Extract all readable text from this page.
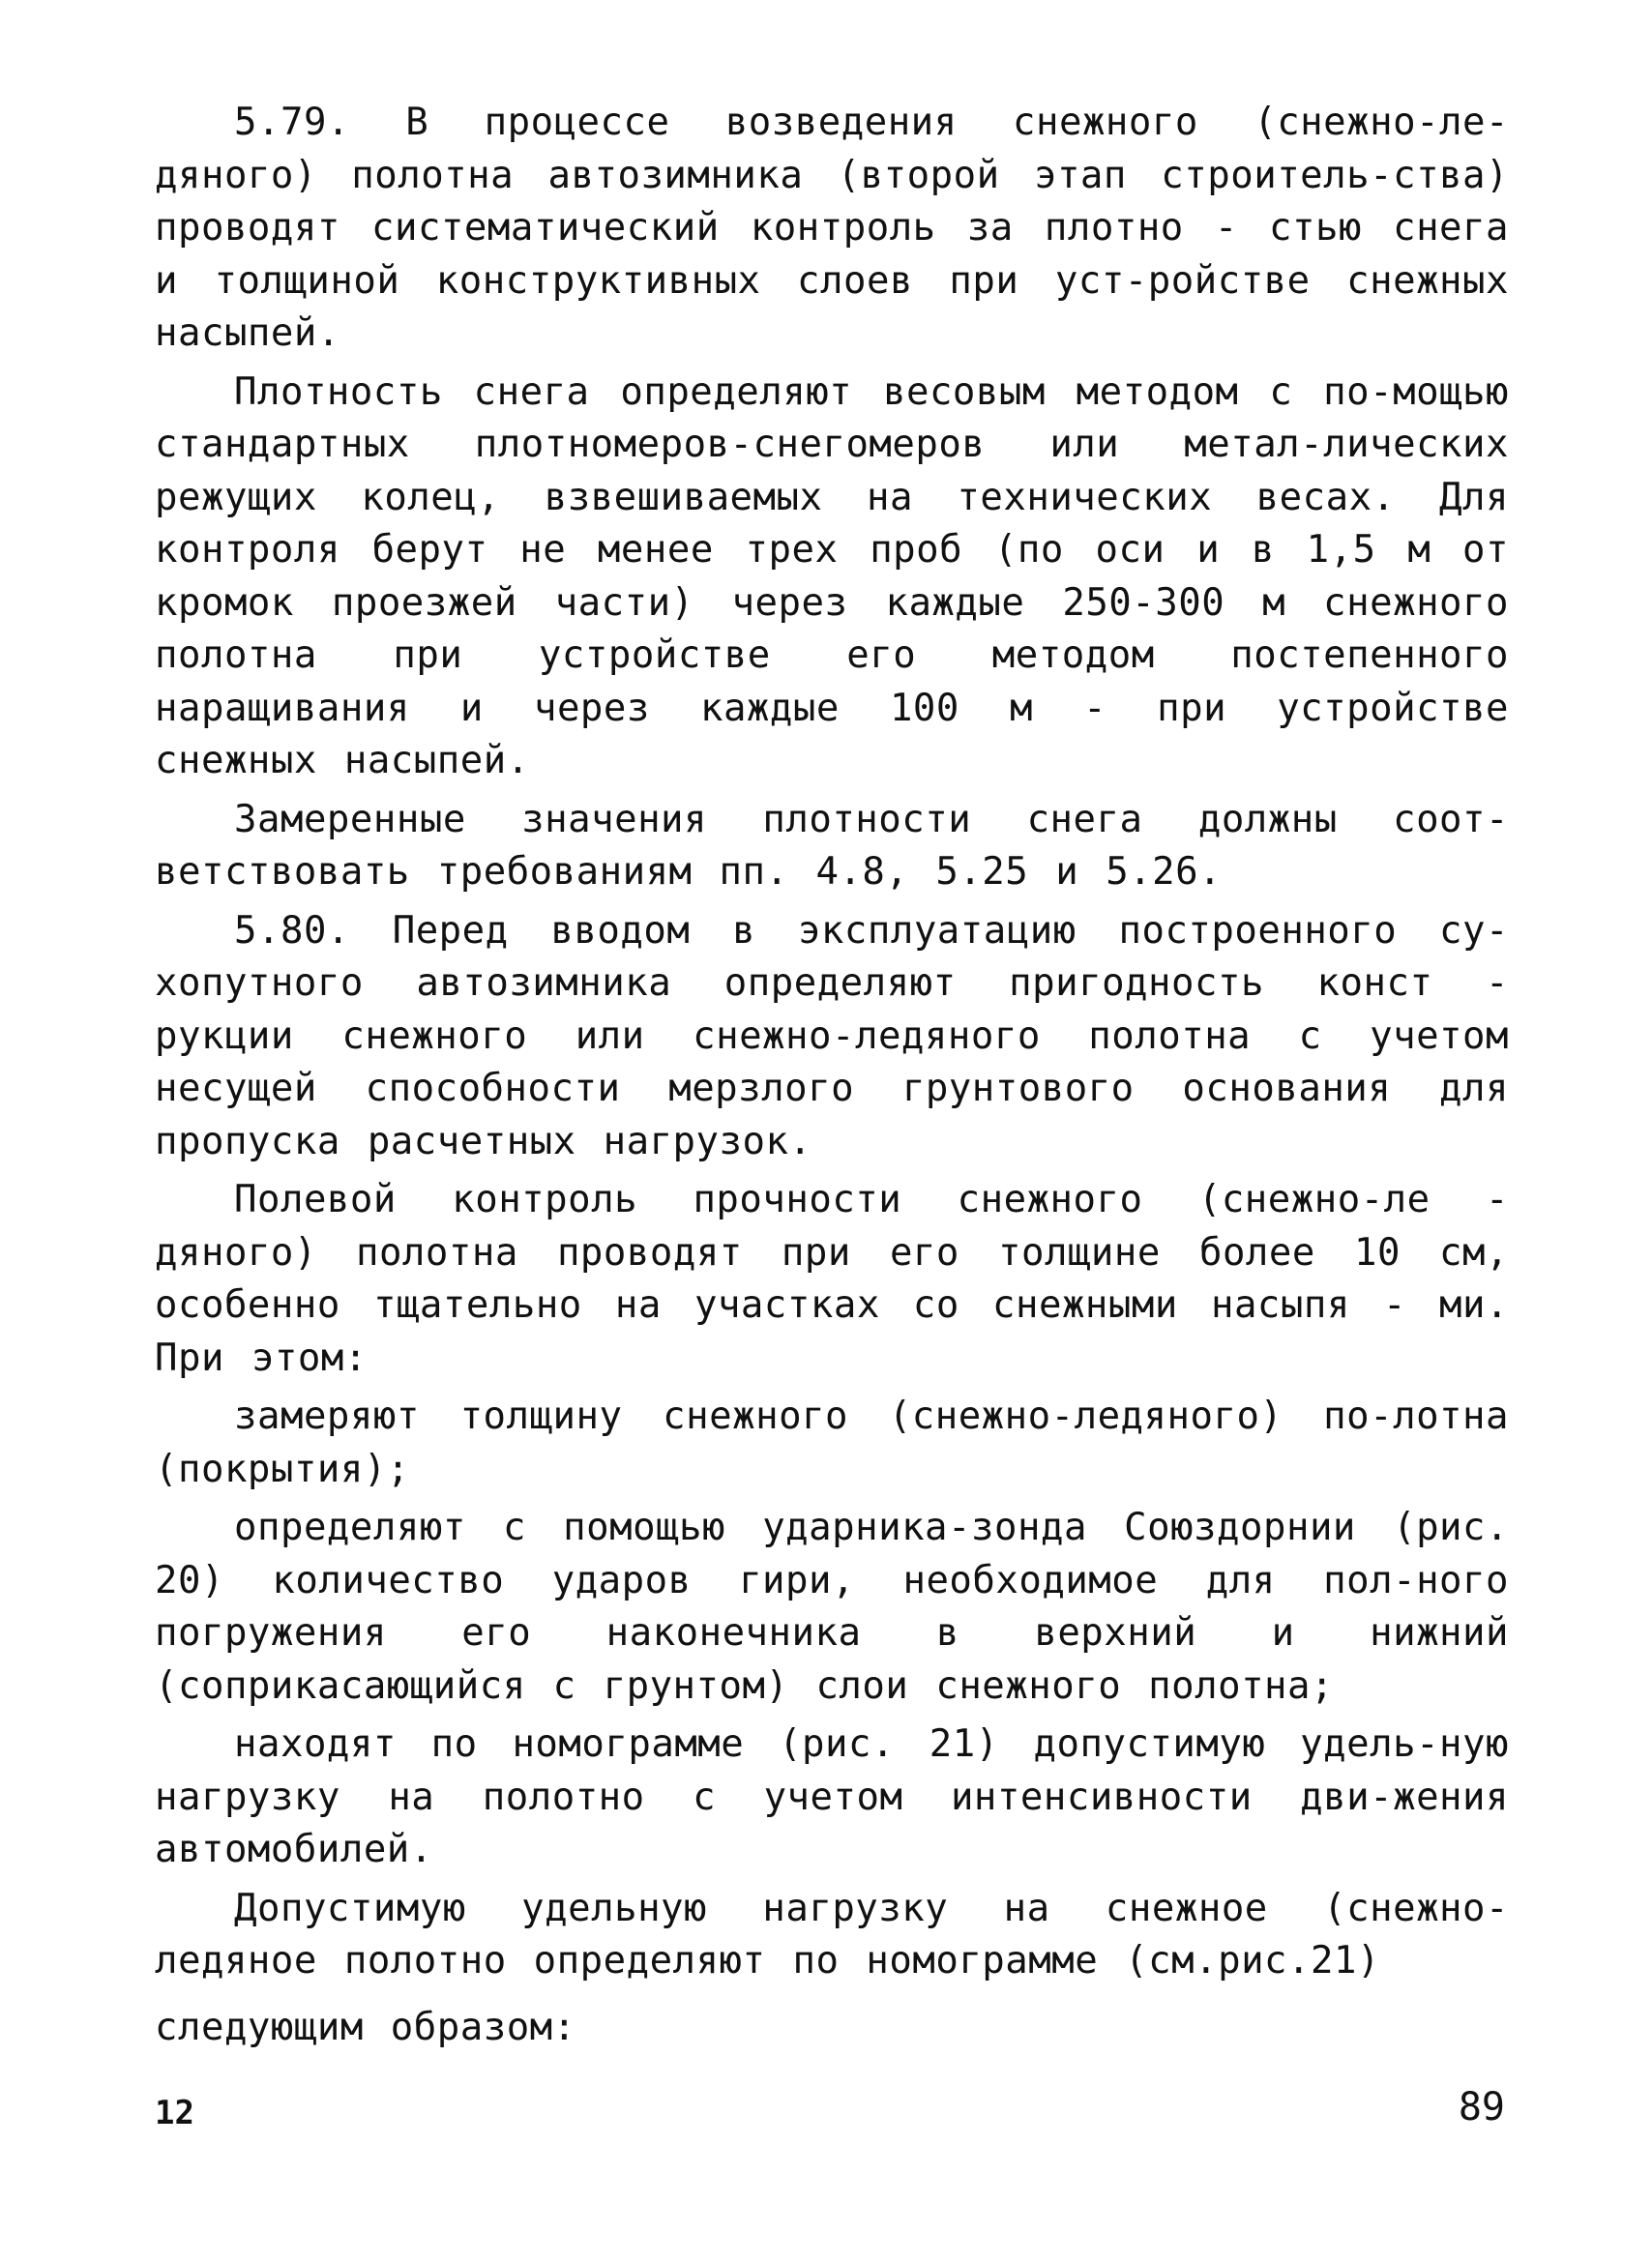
5.79. В процессе возведения снежного (снежно-ле-дяного) полотна автозимника (второй этап строитель-ства) проводят систематический контроль за плотно - стью снега и толщиной конструктивных слоев при уст-ройстве снежных насыпей.

Плотность снега определяют весовым методом с по-мощью стандартных плотномеров-снегомеров или метал-лических режущих колец, взвешиваемых на технических весах. Для контроля берут не менее трех проб (по оси и в 1,5 м от кромок проезжей части) через каждые 250-300 м снежного полотна при устройстве его методом постепенного наращивания и через каждые 100 м - при устройстве снежных насыпей.

Замеренные значения плотности снега должны соот-ветствовать требованиям пп. 4.8, 5.25 и 5.26.

5.80. Перед вводом в эксплуатацию построенного су-хопутного автозимника определяют пригодность конст - рукции снежного или снежно-ледяного полотна с учетом несущей способности мерзлого грунтового основания для пропуска расчетных нагрузок.

Полевой контроль прочности снежного (снежно-ле - дяного) полотна проводят при его толщине более 10 см, особенно тщательно на участках со снежными насыпя - ми. При этом:

замеряют толщину снежного (снежно-ледяного) по-лотна (покрытия);

определяют с помощью ударника-зонда Союздорнии (рис. 20) количество ударов гири, необходимое для пол-ного погружения его наконечника в верхний и нижний (соприкасающийся с грунтом) слои снежного полотна;

находят по номограмме (рис. 21) допустимую удель-ную нагрузку на полотно с учетом интенсивности дви-жения автомобилей.

Допустимую удельную нагрузку на снежное (снежно-ледяное полотно определяют по номограмме (см.рис.21)

следующим образом:

12	89
